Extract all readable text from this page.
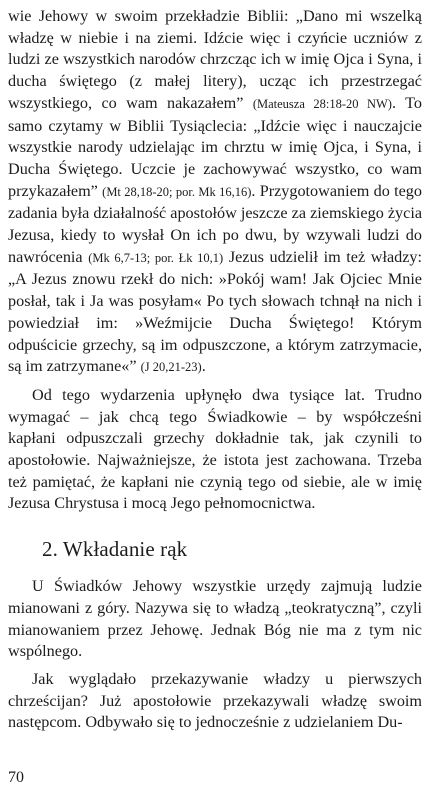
wie Jehowy w swoim przekładzie Biblii: „Dano mi wszelką władzę w niebie i na ziemi. Idźcie więc i czyńcie uczniów z ludzi ze wszystkich narodów chrzcząc ich w imię Ojca i Syna, i ducha świętego (z małej litery), ucząc ich przestrzegać wszystkiego, co wam nakazałem” (Mateusza 28:18-20 NW). To samo czytamy w Biblii Tysiąclecia: „Idźcie więc i nauczajcie wszystkie narody udzielając im chrztu w imię Ojca, i Syna, i Ducha Świętego. Uczcie je zachowywać wszystko, co wam przykazałem” (Mt 28,18-20; por. Mk 16,16). Przygotowaniem do tego zadania była działalność apostołów jeszcze za ziemskiego życia Jezusa, kiedy to wysłał On ich po dwu, by wzywali ludzi do nawrócenia (Mk 6,7-13; por. Łk 10,1) Jezus udzielił im też władzy: „A Jezus znowu rzekł do nich: »Pokój wam! Jak Ojciec Mnie posłał, tak i Ja was posyłam« Po tych słowach tchnął na nich i powiedział im: »Weźmijcie Ducha Świętego! Którym odpuścicie grzechy, są im odpuszczone, a którym zatrzymacie, są im zatrzymane«” (J 20,21-23).

Od tego wydarzenia upłynęło dwa tysiące lat. Trudno wymagać – jak chcą tego Świadkowie – by współcześni kapłani odpuszczali grzechy dokładnie tak, jak czynili to apostołowie. Najważniejsze, że istota jest zachowana. Trzeba też pamiętać, że kapłani nie czynią tego od siebie, ale w imię Jezusa Chrystusa i mocą Jego pełnomocnictwa.

2. Wkładanie rąk

U Świadków Jehowy wszystkie urzędy zajmują ludzie mianowani z góry. Nazywa się to władzą „teokratyczną”, czyli mianowaniem przez Jehowę. Jednak Bóg nie ma z tym nic wspólnego.

Jak wyglądało przekazywanie władzy u pierwszych chrześcijan? Już apostołowie przekazywali władzę swoim następcom. Odbywało się to jednocześnie z udzielaniem Du-

70
